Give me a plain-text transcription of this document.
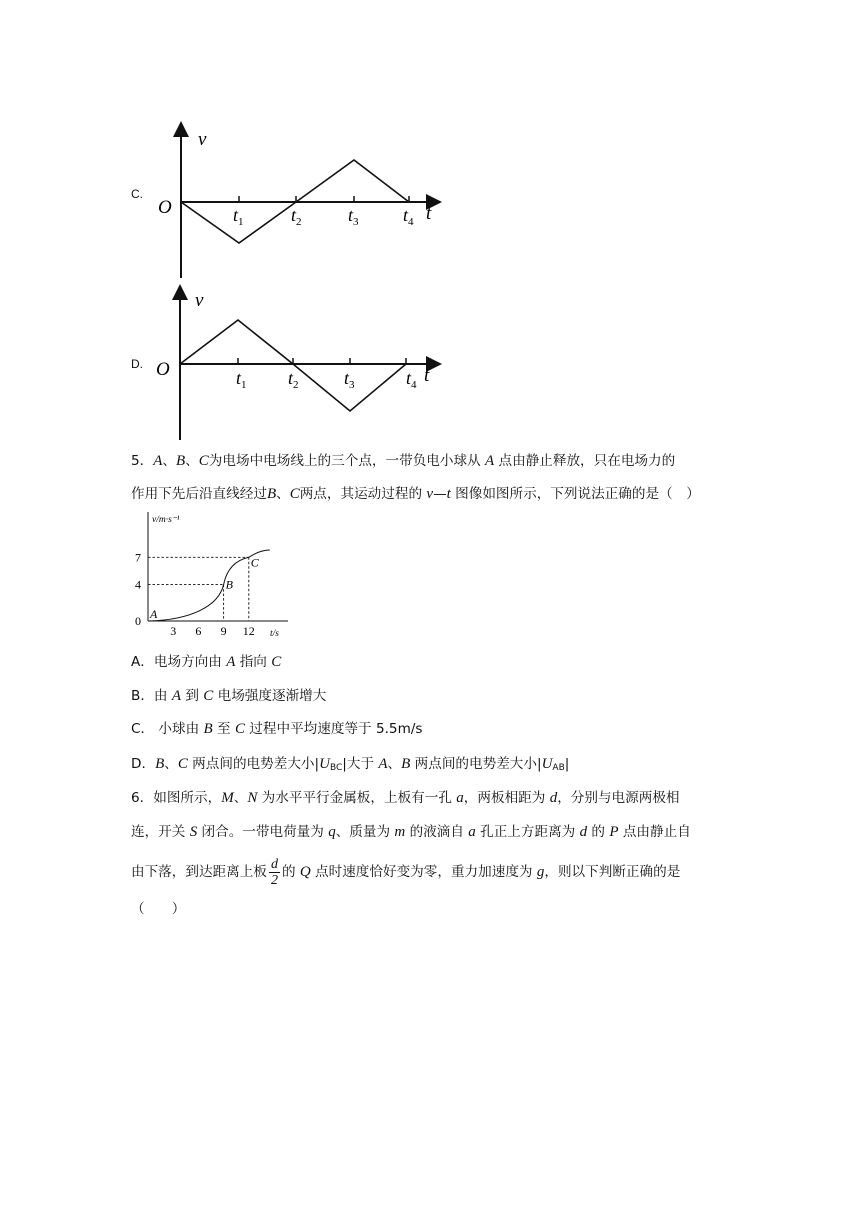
C.
v
O	t
$t_1$	$t_2$	$t_3$ $t_4$
D.
v
O	t
$t_1$ $t_2$	$t_3$	$t_4$
5．A、B、C为电场中电场线上的三个点，一带负电小球从 A 点由静止释放，只在电场力的
作用下先后沿直线经过B、C两点，其运动过程的 v—t 图像如图所示，下列说法正确的是（　）
v/m·s⁻¹
t/s
A
B
C
3 6 9 12
0
4
7
A．电场方向由 A 指向 C
B．由 A 到 C 电场强度逐渐增大
C． 小球由 B 至 C 过程中平均速度等于 5.5m/s
D．B、C 两点间的电势差大小$|U_{BC}|$大于 A、B 两点间的电势差大小$|U_{AB}|$
6．如图所示，M、N 为水平平行金属板，上板有一孔 a，两板相距为 d，分别与电源两极相
连，开关 S 闭合。一带电荷量为 q、质量为 m 的液滴自 a 孔正上方距离为 d 的 P 点由静止自
由下落，到达距离上板 $\frac{d}{2}$ 的 Q 点时速度恰好变为零，重力加速度为 g，则以下判断正确的是
（　　）
